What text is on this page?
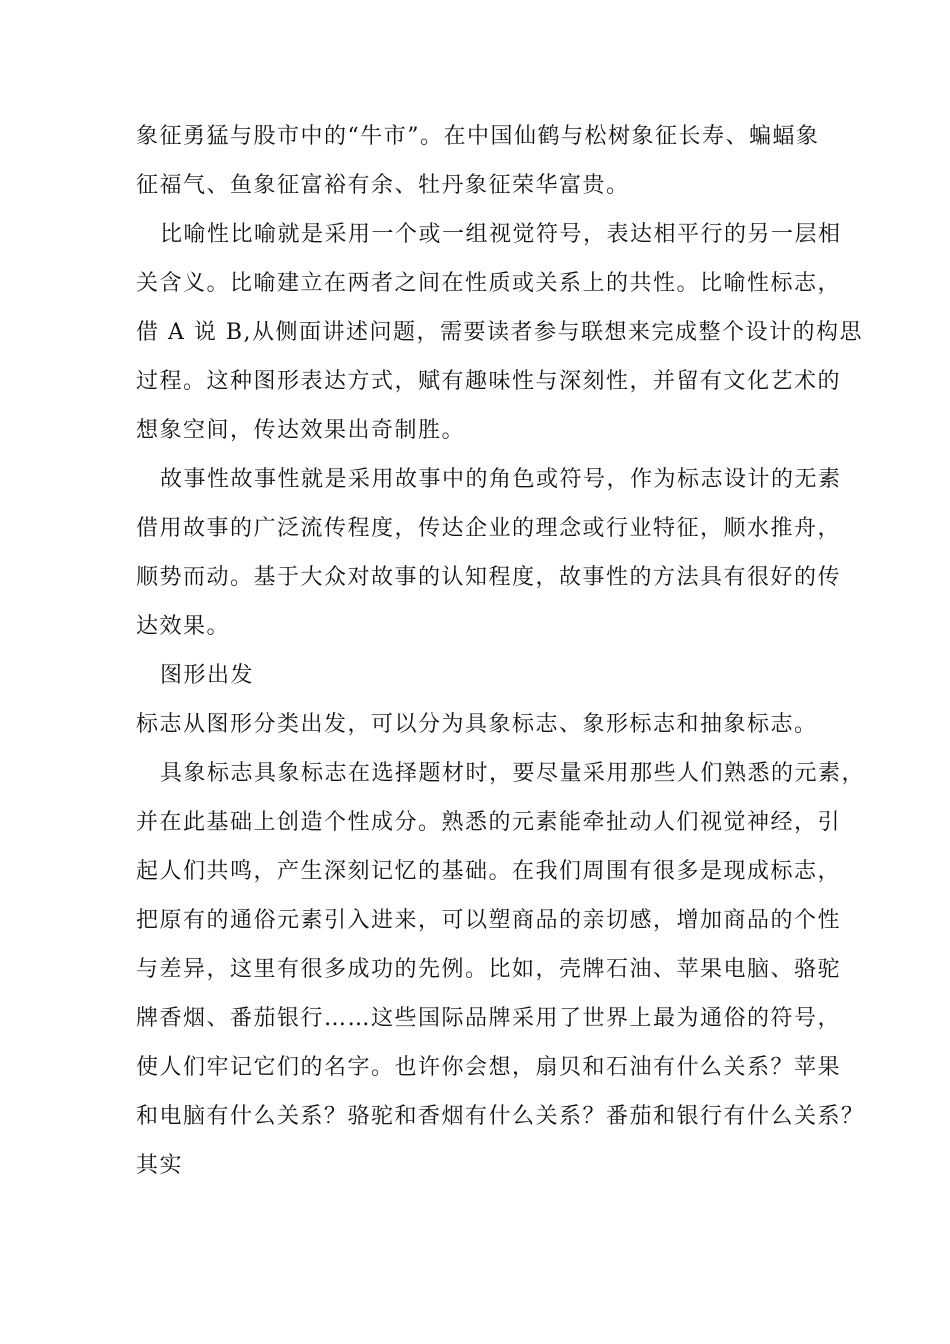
象征勇猛与股市中的“牛市”。在中国仙鹤与松树象征长寿、蝙蝠象
征福气、鱼象征富裕有余、牡丹象征荣华富贵。
比喻性比喻就是采用一个或一组视觉符号，表达相平行的另一层相
关含义。比喻建立在两者之间在性质或关系上的共性。比喻性标志，
借 A 说 B,从侧面讲述问题，需要读者参与联想来完成整个设计的构思
过程。这种图形表达方式，赋有趣味性与深刻性，并留有文化艺术的
想象空间，传达效果出奇制胜。
故事性故事性就是采用故事中的角色或符号，作为标志设计的无素
借用故事的广泛流传程度，传达企业的理念或行业特征，顺水推舟，
顺势而动。基于大众对故事的认知程度，故事性的方法具有很好的传
达效果。
图形出发
标志从图形分类出发，可以分为具象标志、象形标志和抽象标志。
具象标志具象标志在选择题材时，要尽量采用那些人们熟悉的元素，
并在此基础上创造个性成分。熟悉的元素能牵扯动人们视觉神经，引
起人们共鸣，产生深刻记忆的基础。在我们周围有很多是现成标志，
把原有的通俗元素引入进来，可以塑商品的亲切感，增加商品的个性
与差异，这里有很多成功的先例。比如，壳牌石油、苹果电脑、骆驼
牌香烟、番茄银行……这些国际品牌采用了世界上最为通俗的符号，
使人们牢记它们的名字。也许你会想，扇贝和石油有什么关系？苹果
和电脑有什么关系？骆驼和香烟有什么关系？番茄和银行有什么关系？
其实
